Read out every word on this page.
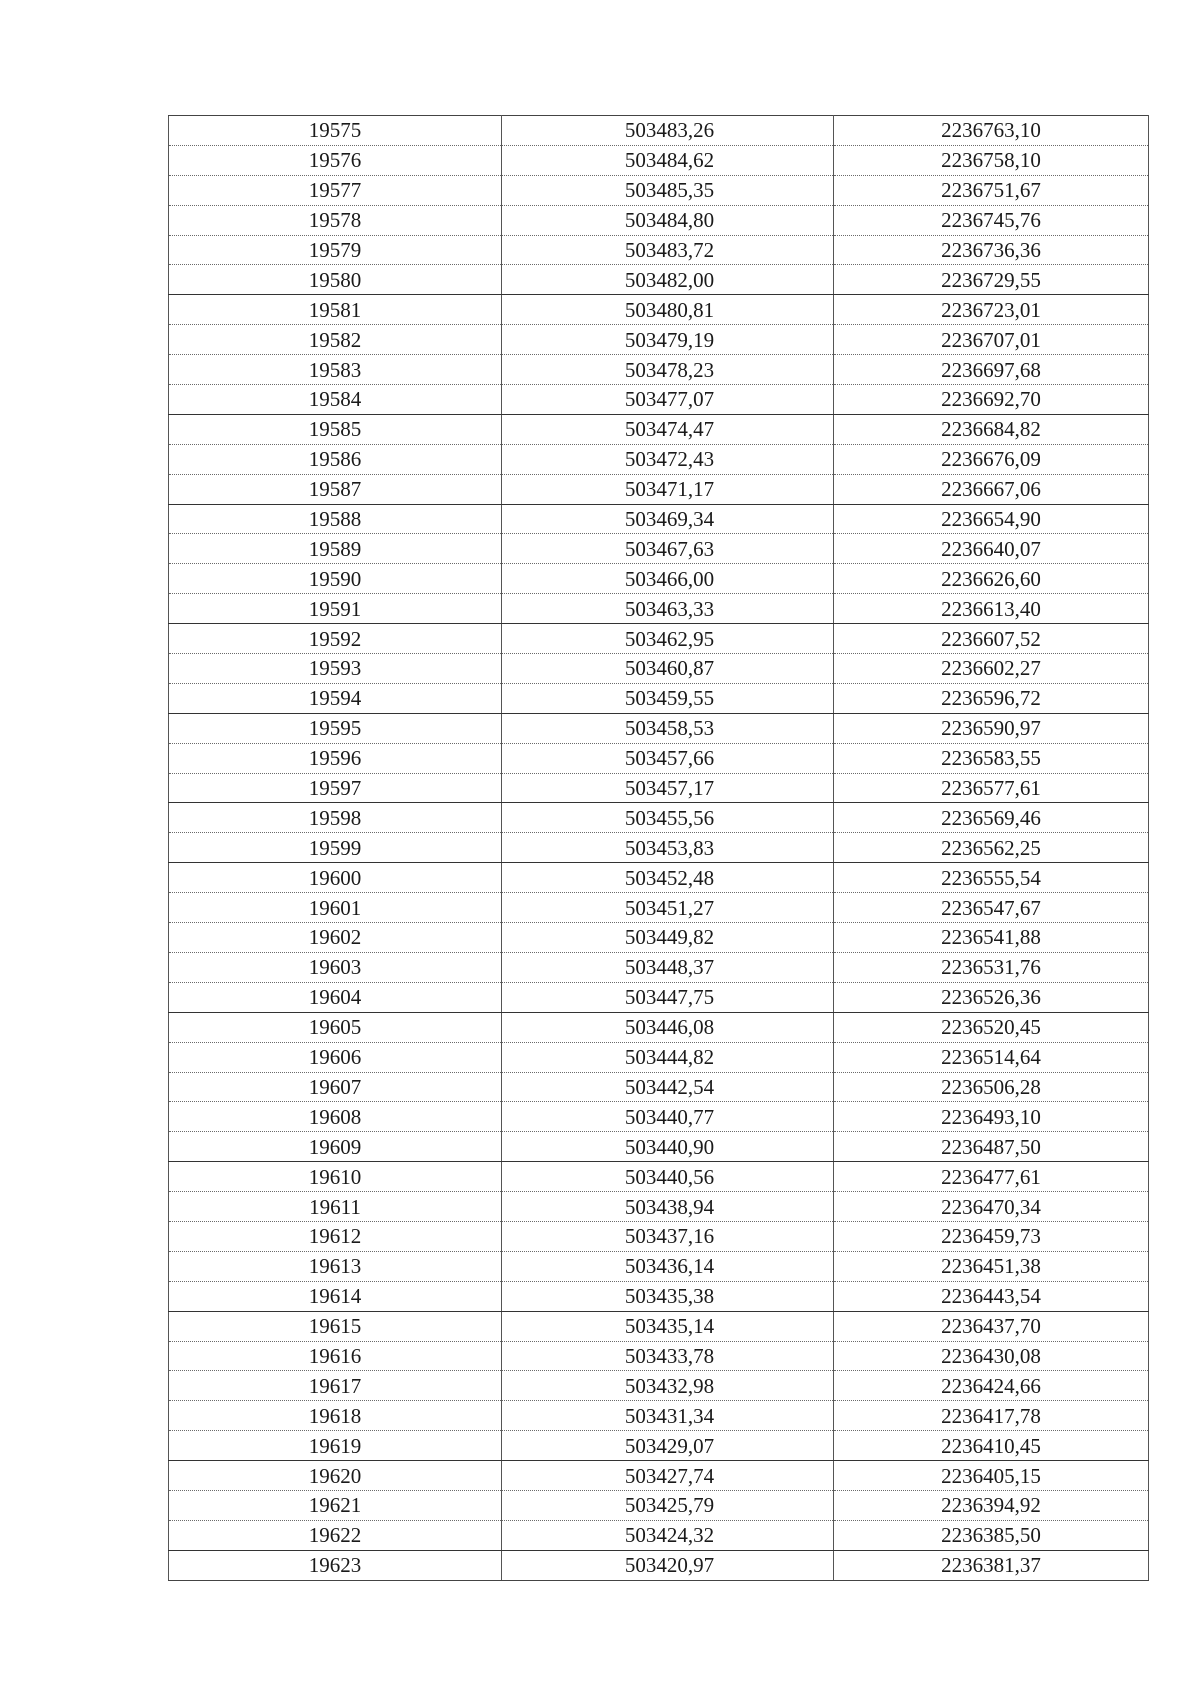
19575	503483,26	2236763,10
19576	503484,62	2236758,10
19577	503485,35	2236751,67
19578	503484,80	2236745,76
19579	503483,72	2236736,36
19580	503482,00	2236729,55
19581	503480,81	2236723,01
19582	503479,19	2236707,01
19583	503478,23	2236697,68
19584	503477,07	2236692,70
19585	503474,47	2236684,82
19586	503472,43	2236676,09
19587	503471,17	2236667,06
19588	503469,34	2236654,90
19589	503467,63	2236640,07
19590	503466,00	2236626,60
19591	503463,33	2236613,40
19592	503462,95	2236607,52
19593	503460,87	2236602,27
19594	503459,55	2236596,72
19595	503458,53	2236590,97
19596	503457,66	2236583,55
19597	503457,17	2236577,61
19598	503455,56	2236569,46
19599	503453,83	2236562,25
19600	503452,48	2236555,54
19601	503451,27	2236547,67
19602	503449,82	2236541,88
19603	503448,37	2236531,76
19604	503447,75	2236526,36
19605	503446,08	2236520,45
19606	503444,82	2236514,64
19607	503442,54	2236506,28
19608	503440,77	2236493,10
19609	503440,90	2236487,50
19610	503440,56	2236477,61
19611	503438,94	2236470,34
19612	503437,16	2236459,73
19613	503436,14	2236451,38
19614	503435,38	2236443,54
19615	503435,14	2236437,70
19616	503433,78	2236430,08
19617	503432,98	2236424,66
19618	503431,34	2236417,78
19619	503429,07	2236410,45
19620	503427,74	2236405,15
19621	503425,79	2236394,92
19622	503424,32	2236385,50
19623	503420,97	2236381,37
